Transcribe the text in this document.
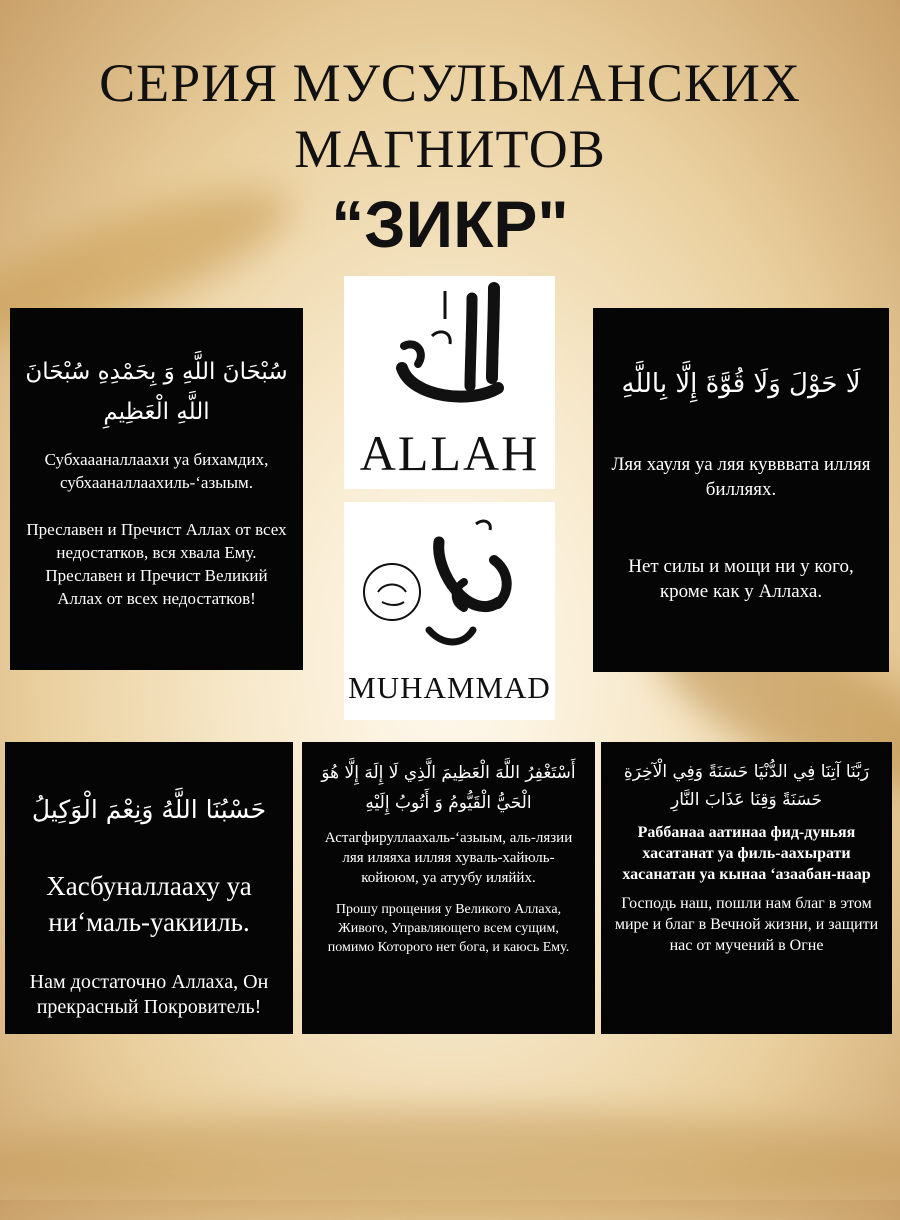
СЕРИЯ МУСУЛЬМАНСКИХ
МАГНИТОВ
“ЗИКР"
سُبْحَانَ اللَّهِ وَ بِحَمْدِهِ سُبْحَانَ اللَّهِ الْعَظِيمِ
Субхаааналлаахи уа бихамдих, субхааналлаахиль-‘азыым.
Преславен и Пречист Аллах от всех недостатков, вся хвала Ему. Преславен и Пречист Великий Аллах от всех недостатков!
ALLAH
MUHAMMAD
لَا حَوْلَ وَلَا قُوَّةَ إِلَّا بِاللَّهِ
Ляя хауля уа ляя кувввата илляя билляях.
Нет силы и мощи ни у кого, кроме как у Аллаха.
حَسْبُنَا اللَّهُ وَنِعْمَ الْوَكِيلُ
Хасбуналлааху уа ни‘маль-уакииль.
Нам достаточно Аллаха, Он прекрасный Покровитель!
أَسْتَغْفِرُ اللَّهَ الْعَظِيمَ الَّذِي لَا إِلَهَ إِلَّا هُوَ الْحَيُّ الْقَيُّومُ وَ أَتُوبُ إِلَيْهِ
Астагфируллаахаль-‘азыым, аль-лязии ляя иляяха илляя хуваль-хайюль-койююм, уа атуубу иляййх.
Прошу прощения у Великого Аллаха, Живого, Управляющего всем сущим, помимо Которого нет бога, и каюсь Ему.
رَبَّنَا آتِنَا فِي الدُّنْيَا حَسَنَةً وَفِي الْآخِرَةِ حَسَنَةً وَقِنَا عَذَابَ النَّارِ
Раббанаа аатинаа фид-дуньяя хасатанат уа филь-аахырати хасанатан уа кынаа ‘азаабан-наар
Господь наш, пошли нам благ в этом мире и благ в Вечной жизни, и защити нас от мучений в Огне
